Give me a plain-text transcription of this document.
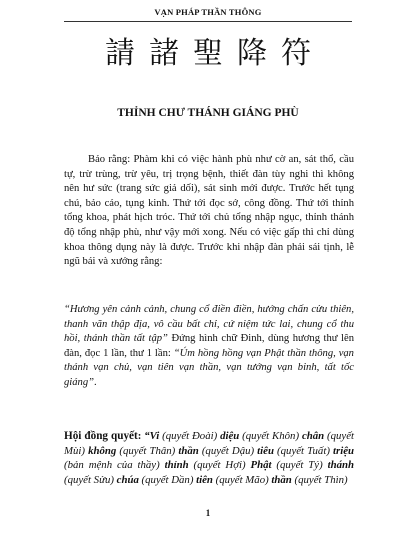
VẠN PHÁP THẦN THÔNG
請諸聖降符
THỈNH CHƯ THÁNH GIÁNG PHÙ

Bảo rằng: Phàm khi có việc hành phù như cờ an, sát thổ, cầu tự, trừ trùng, trừ yêu, trị trọng bệnh, thiết đàn tùy nghi thì không nên hư sức (trang sức giả dối), sát sinh mới được. Trước hết tụng chú, bảo cáo, tụng kinh. Thứ tới đọc sớ, công đồng. Thứ tới thỉnh tổng khoa, phát hịch tróc. Thứ tới chủ tổng nhập ngục, thỉnh thánh độ tổng nhập phù, như vậy mới xong. Nếu có việc gấp thì chỉ dùng khoa thông dụng này là được. Trước khi nhập đàn phải sái tịnh, lễ ngũ bái và xướng rằng:

“Hương yên cảnh cảnh, chung cổ điền điền, hướng chấn cửu thiên, thanh vãn thập địa, vô cầu bất chỉ, cứ niệm tức lai, chung cổ thu hồi, thánh thần tất tập” Đứng hình chữ Đinh, dùng hương thư lên đàn, đọc 1 lần, thư 1 lần: “Úm hồng hồng vạn Phật thần thông, vạn thánh vạn chủ, vạn tiên vạn thần, vạn tướng vạn binh, tất tốc giáng”.

Hội đồng quyết: “Vi (quyết Đoài) diệu (quyết Khôn) chân (quyết Mùi) không (quyết Thân) thần (quyết Dậu) tiêu (quyết Tuất) triệu (bản mệnh của thầy) thỉnh (quyết Hợi) Phật (quyết Tý) thánh (quyết Sửu) chúa (quyết Dần) tiên (quyết Mão) thần (quyết Thìn)

1
